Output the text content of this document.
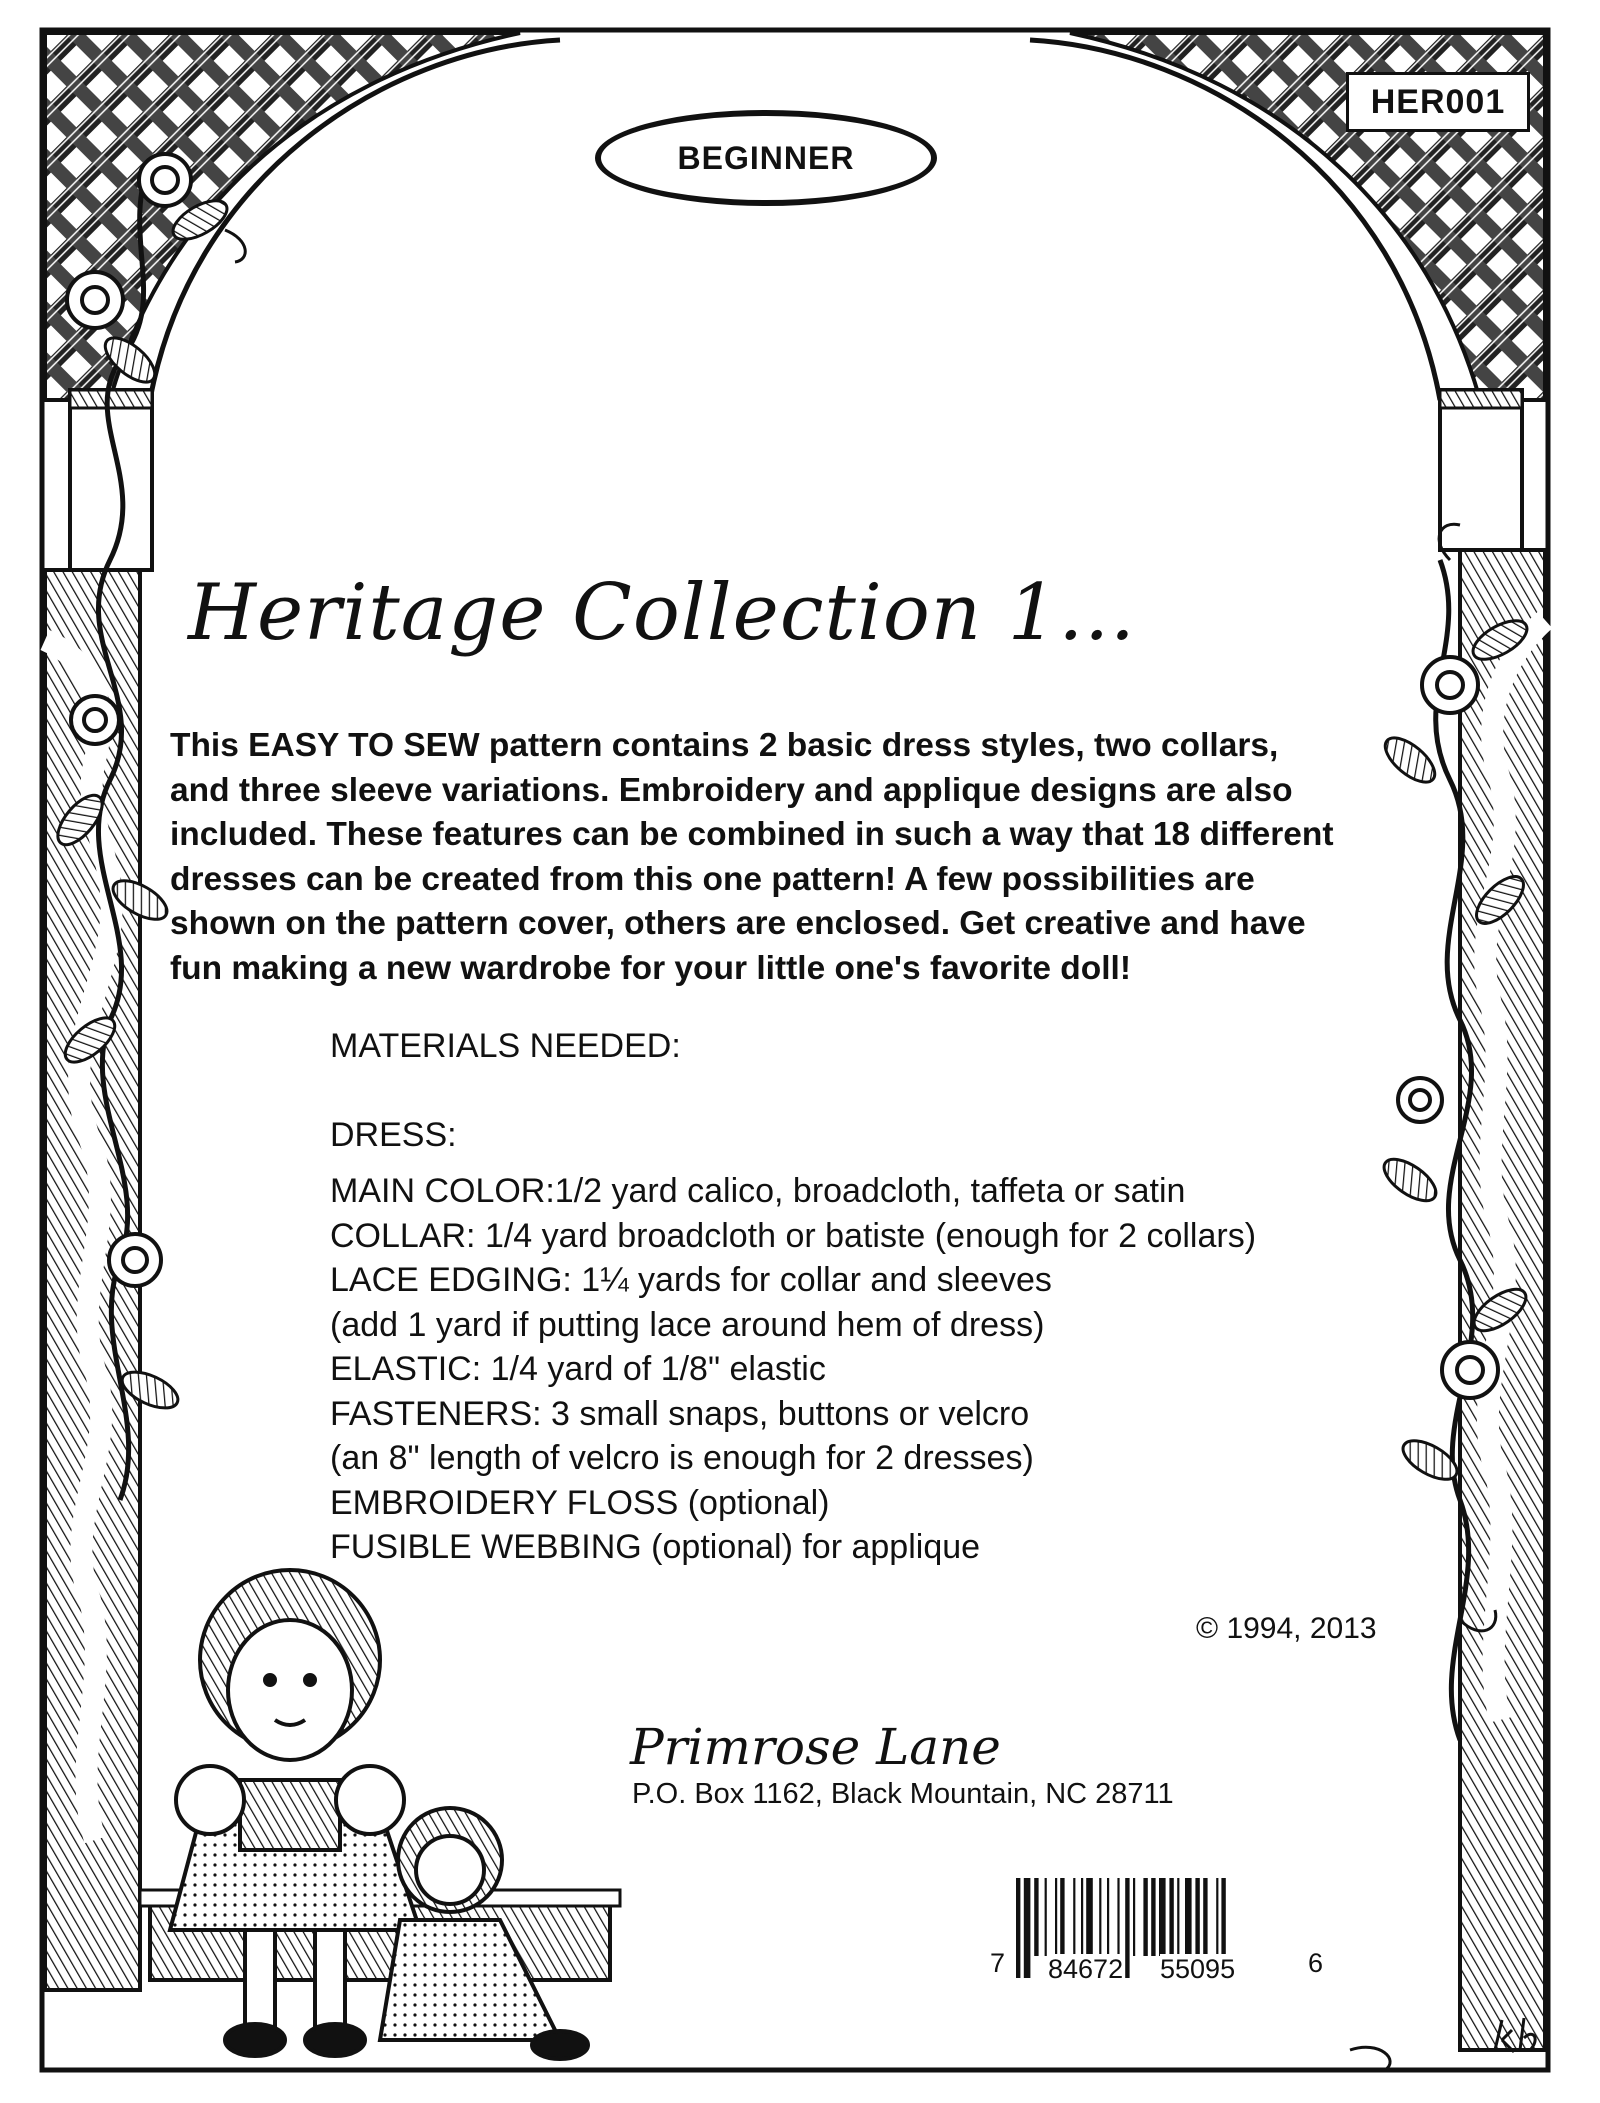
HER001
BEGINNER
Heritage Collection 1...

This EASY TO SEW pattern contains 2 basic dress styles, two collars,

and three sleeve variations. Embroidery and applique designs are also

included. These features can be combined in such a way that 18 different

dresses can be created from this one pattern! A few possibilities are

shown on the pattern cover, others are enclosed. Get creative and have

fun making a new wardrobe for your little one's favorite doll!

MATERIALS NEEDED:

DRESS:

MAIN COLOR:1/2 yard calico, broadcloth, taffeta or satin

COLLAR: 1/4 yard broadcloth or batiste (enough for 2 collars)

LACE EDGING: 1¼ yards for collar and sleeves

(add 1 yard if putting lace around hem of dress)

ELASTIC: 1/4 yard of 1/8" elastic

FASTENERS: 3 small snaps, buttons or velcro

(an 8" length of velcro is enough for 2 dresses)

EMBROIDERY FLOSS (optional)

FUSIBLE WEBBING (optional) for applique

© 1994, 2013
Primrose Lane
P.O. Box 1162, Black Mountain, NC 28711
7 84672 55095	6
